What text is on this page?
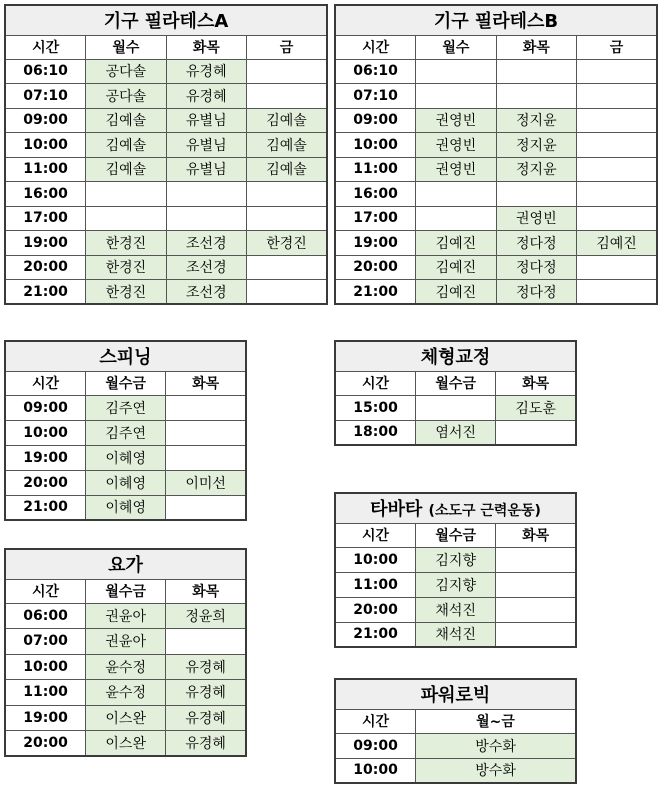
기구 필라테스A			
시간	월수	화목	금
06:10	공다솔	유경혜	
07:10	공다솔	유경혜	
09:00	김예솔	유별님	김예솔
10:00	김예솔	유별님	김예솔
11:00	김예솔	유별님	김예솔
16:00			
17:00			
19:00	한경진	조선경	한경진
20:00	한경진	조선경	
21:00	한경진	조선경	
기구 필라테스B			
시간	월수	화목	금
06:10			
07:10			
09:00	권영빈	정지윤	
10:00	권영빈	정지윤	
11:00	권영빈	정지윤	
16:00			
17:00		권영빈	
19:00	김예진	정다정	김예진
20:00	김예진	정다정	
21:00	김예진	정다정	
스피닝		
시간	월수금	화목
09:00	김주연	
10:00	김주연	
19:00	이혜영	
20:00	이혜영	이미선
21:00	이혜영	
요가		
시간	월수금	화목
06:00	권윤아	정윤희
07:00	권윤아	
10:00	윤수정	유경혜
11:00	윤수정	유경혜
19:00	이스완	유경혜
20:00	이스완	유경혜
체형교정		
시간	월수금	화목
15:00		김도훈
18:00	염서진	
타바타 (소도구 근력운동)		
시간	월수금	화목
10:00	김지향	
11:00	김지향	
20:00	채석진	
21:00	채석진	
파워로빅	
시간	월~금
09:00	방수화
10:00	방수화
